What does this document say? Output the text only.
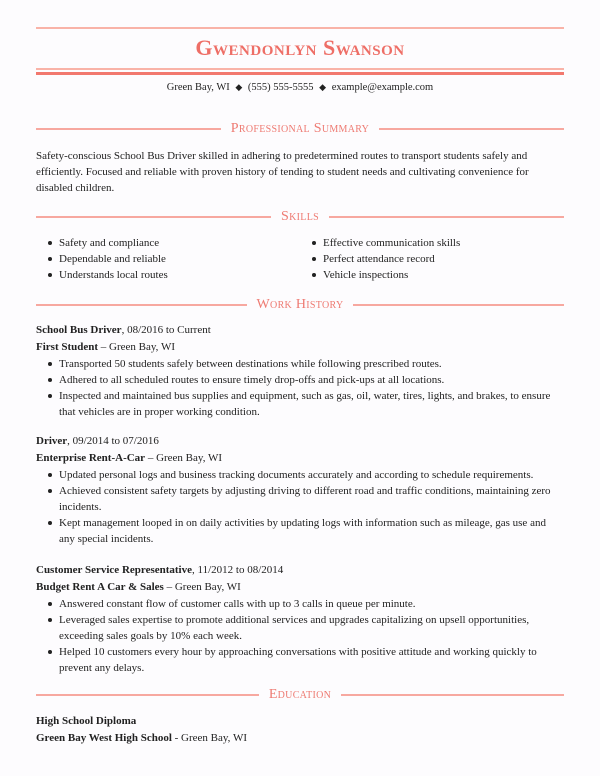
Gwendonlyn Swanson
Green Bay, WI ◆ (555) 555-5555 ◆ example@example.com
Professional Summary
Safety-conscious School Bus Driver skilled in adhering to predetermined routes to transport students safely and efficiently. Focused and reliable with proven history of tending to student needs and cultivating convenience for disabled children.
Skills
Safety and compliance
Dependable and reliable
Understands local routes
Effective communication skills
Perfect attendance record
Vehicle inspections
Work History
School Bus Driver, 08/2016 to Current
First Student – Green Bay, WI
Transported 50 students safely between destinations while following prescribed routes.
Adhered to all scheduled routes to ensure timely drop-offs and pick-ups at all locations.
Inspected and maintained bus supplies and equipment, such as gas, oil, water, tires, lights, and brakes, to ensure that vehicles are in proper working condition.
Driver, 09/2014 to 07/2016
Enterprise Rent-A-Car – Green Bay, WI
Updated personal logs and business tracking documents accurately and according to schedule requirements.
Achieved consistent safety targets by adjusting driving to different road and traffic conditions, maintaining zero incidents.
Kept management looped in on daily activities by updating logs with information such as mileage, gas use and any special incidents.
Customer Service Representative, 11/2012 to 08/2014
Budget Rent A Car & Sales – Green Bay, WI
Answered constant flow of customer calls with up to 3 calls in queue per minute.
Leveraged sales expertise to promote additional services and upgrades capitalizing on upsell opportunities, exceeding sales goals by 10% each week.
Helped 10 customers every hour by approaching conversations with positive attitude and working quickly to prevent any delays.
Education
High School Diploma
Green Bay West High School - Green Bay, WI
